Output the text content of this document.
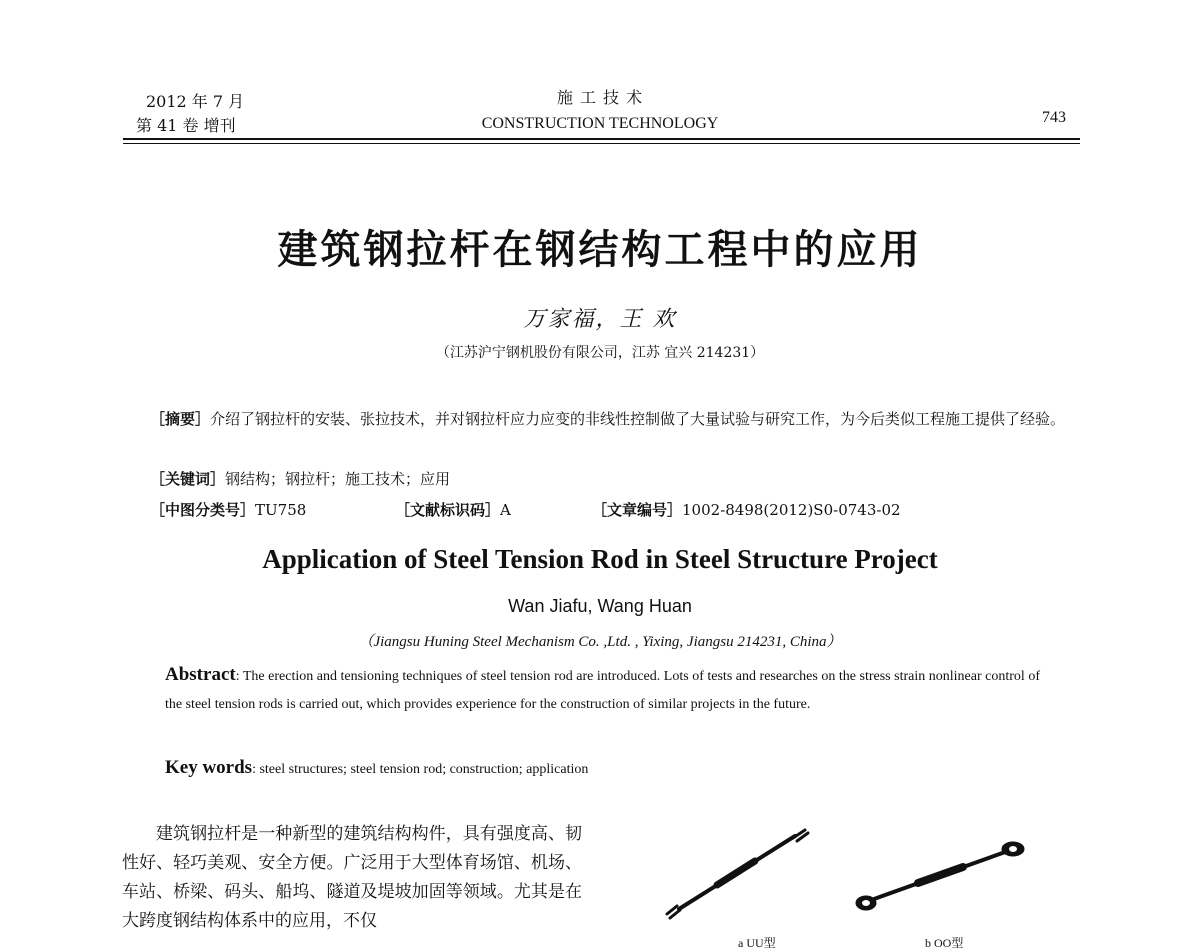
2012 年 7 月
第 41 卷 增刊
施 工 技 术
CONSTRUCTION TECHNOLOGY	743
建筑钢拉杆在钢结构工程中的应用
万家福，王 欢
（江苏沪宁钢机股份有限公司，江苏 宜兴 214231）
［摘要］介绍了钢拉杆的安装、张拉技术，并对钢拉杆应力应变的非线性控制做了大量试验与研究工作，为今后类似工程施工提供了经验。
［关键词］钢结构；钢拉杆；施工技术；应用
［中图分类号］TU758	［文献标识码］A	［文章编号］1002-8498(2012)S0-0743-02
Application of Steel Tension Rod in Steel Structure Project
Wan Jiafu, Wang Huan
（Jiangsu Huning Steel Mechanism Co. ,Ltd. , Yixing, Jiangsu 214231, China）
Abstract: The erection and tensioning techniques of steel tension rod are introduced. Lots of tests and researches on the stress strain nonlinear control of the steel tension rods is carried out, which provides experience for the construction of similar projects in the future.
Key words: steel structures; steel tension rod; construction; application
建筑钢拉杆是一种新型的建筑结构构件，具有强度高、韧性好、轻巧美观、安全方便。广泛用于大型体育场馆、机场、车站、桥梁、码头、船坞、隧道及堤坡加固等领域。尤其是在大跨度钢结构体系中的应用，不仅
a UU型	b OO型
